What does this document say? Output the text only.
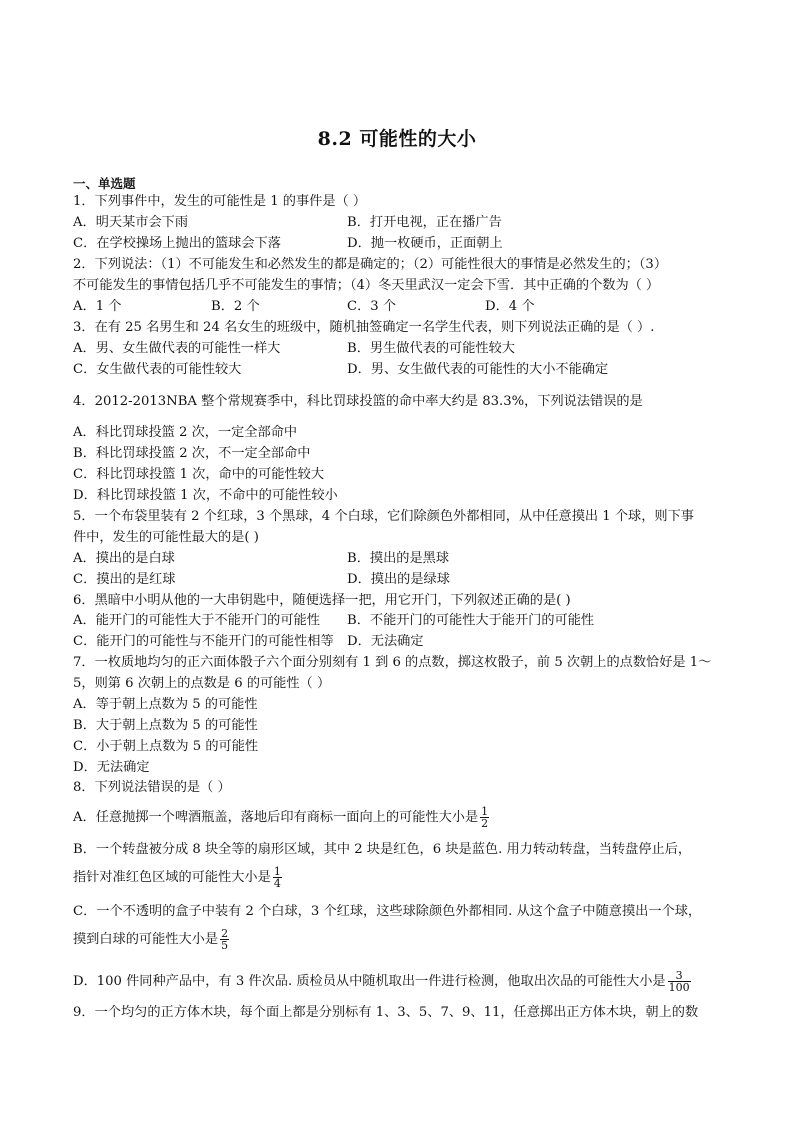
8.2 可能性的大小
一、单选题
1．下列事件中，发生的可能性是 1 的事件是（ ）
A．明天某市会下雨	B．打开电视，正在播广告
C．在学校操场上抛出的篮球会下落	D．抛一枚硬币，正面朝上
2．下列说法：（1）不可能发生和必然发生的都是确定的；（2）可能性很大的事情是必然发生的；（3）
不可能发生的事情包括几乎不可能发生的事情；（4）冬天里武汉一定会下雪．其中正确的个数为（ ）
A．1 个	B．2 个	C．3 个	D．4 个
3．在有 25 名男生和 24 名女生的班级中，随机抽签确定一名学生代表，则下列说法正确的是（ ）.
A．男、女生做代表的可能性一样大	B．男生做代表的可能性较大
C．女生做代表的可能性较大	D．男、女生做代表的可能性的大小不能确定
4．2012-2013NBA 整个常规赛季中，科比罚球投篮的命中率大约是 83.3%，下列说法错误的是
A．科比罚球投篮 2 次，一定全部命中
B．科比罚球投篮 2 次，不一定全部命中
C．科比罚球投篮 1 次，命中的可能性较大
D．科比罚球投篮 1 次，不命中的可能性较小
5．一个布袋里装有 2 个红球，3 个黑球，4 个白球，它们除颜色外都相同，从中任意摸出 1 个球，则下事
件中，发生的可能性最大的是( )
A．摸出的是白球	B．摸出的是黑球
C．摸出的是红球	D．摸出的是绿球
6．黑暗中小明从他的一大串钥匙中，随便选择一把，用它开门，下列叙述正确的是( )
A．能开门的可能性大于不能开门的可能性 B．不能开门的可能性大于能开门的可能性
C．能开门的可能性与不能开门的可能性相等 D．无法确定
7．一枚质地均匀的正六面体骰子六个面分别刻有 1 到 6 的点数，掷这枚骰子，前 5 次朝上的点数恰好是 1～
5，则第 6 次朝上的点数是 6 的可能性（ ）
A．等于朝上点数为 5 的可能性
B．大于朝上点数为 5 的可能性
C．小于朝上点数为 5 的可能性
D．无法确定
8．下列说法错误的是（ ）
A．任意抛掷一个啤酒瓶盖，落地后印有商标一面向上的可能性大小是 $\frac{1}{2}$
B．一个转盘被分成 8 块全等的扇形区域，其中 2 块是红色，6 块是蓝色. 用力转动转盘，当转盘停止后，
指针对准红色区域的可能性大小是 $\frac{1}{4}$
C．一个不透明的盒子中装有 2 个白球，3 个红球，这些球除颜色外都相同. 从这个盒子中随意摸出一个球，
摸到白球的可能性大小是 $\frac{2}{5}$
D．100 件同种产品中，有 3 件次品. 质检员从中随机取出一件进行检测，他取出次品的可能性大小是 $\frac{3}{100}$
9．一个均匀的正方体木块，每个面上都是分别标有 1、3、5、7、9、11，任意掷出正方体木块，朝上的数
